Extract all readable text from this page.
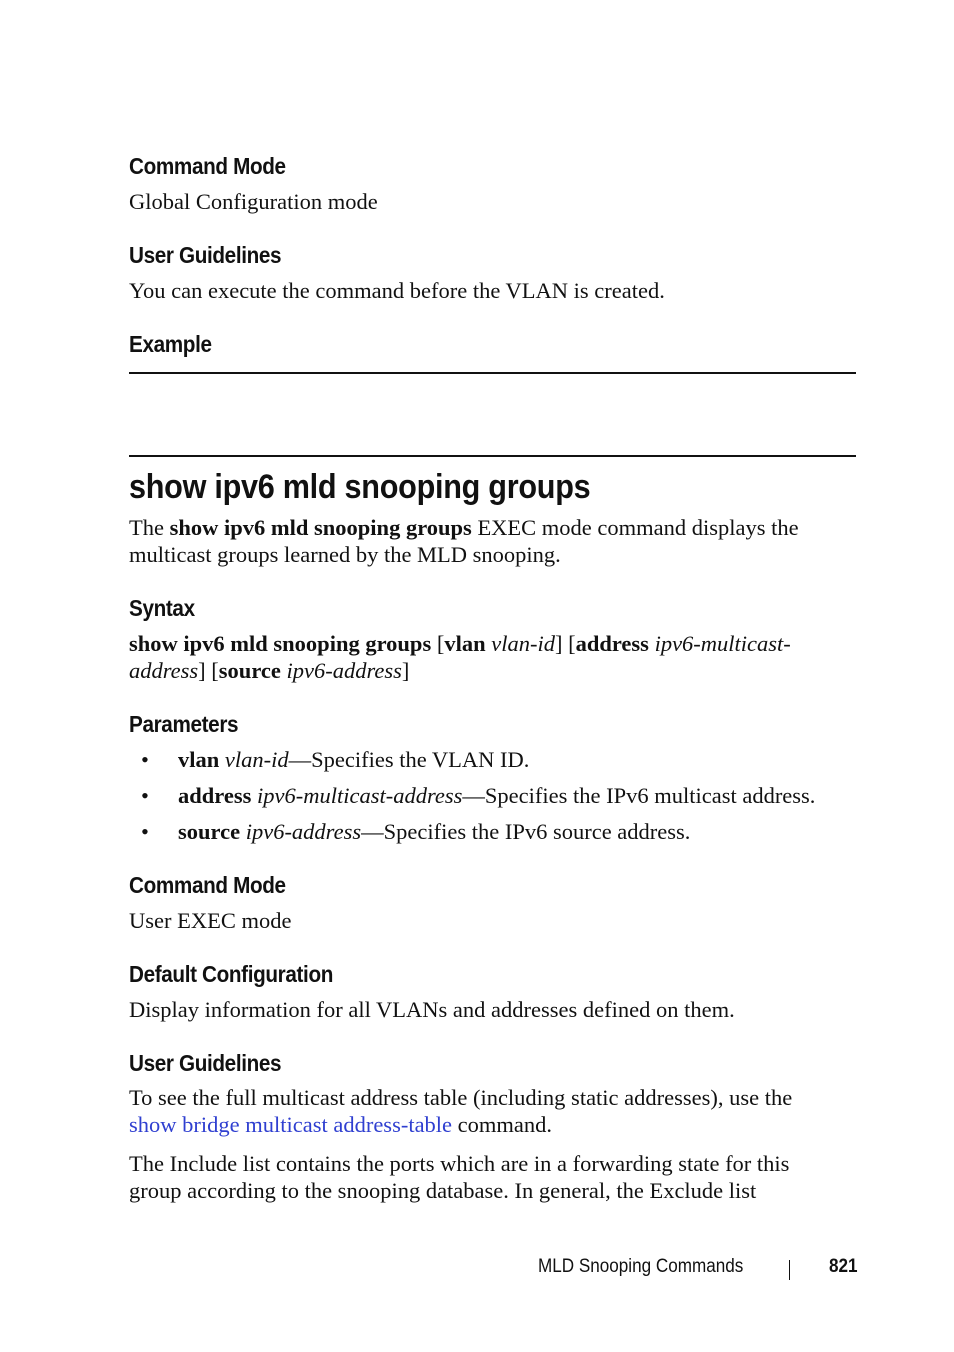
Command Mode

Global Configuration mode

User Guidelines

You can execute the command before the VLAN is created.

Example
show ipv6 mld snooping groups

The show ipv6 mld snooping groups EXEC mode command displays the

multicast groups learned by the MLD snooping.

Syntax

show ipv6 mld snooping groups [vlan vlan-id] [address ipv6-multicast-

address] [source ipv6-address]

Parameters
• vlan vlan-id—Specifies the VLAN ID.

• address ipv6-multicast-address—Specifies the IPv6 multicast address.

• source ipv6-address—Specifies the IPv6 source address.

Command Mode

User EXEC mode

Default Configuration

Display information for all VLANs and addresses defined on them.

User Guidelines

To see the full multicast address table (including static addresses), use the

show bridge multicast address-table command.

The Include list contains the ports which are in a forwarding state for this

group according to the snooping database. In general, the Exclude list

MLD Snooping Commands	821
